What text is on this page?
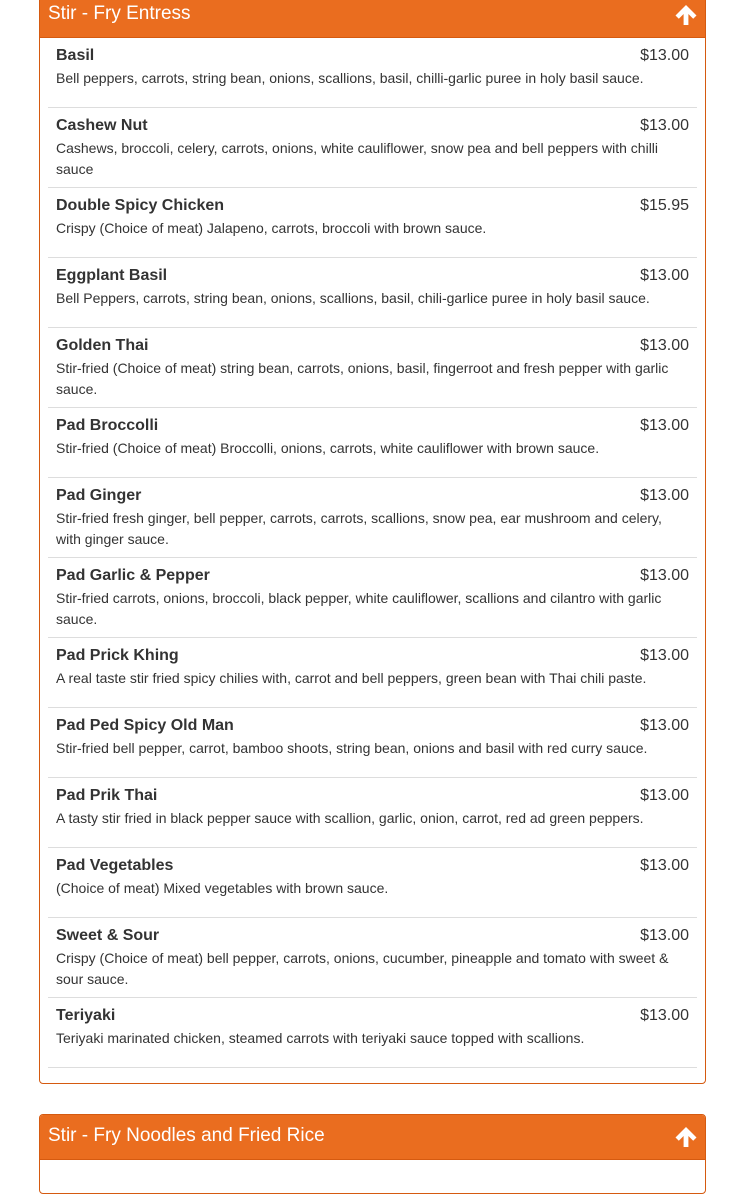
Stir - Fry Entress
Basil	$13.00
Bell peppers, carrots, string bean, onions, scallions, basil, chilli-garlic puree in holy basil sauce.
Cashew Nut	$13.00
Cashews, broccoli, celery, carrots, onions, white cauliflower, snow pea and bell peppers with chilli sauce
Double Spicy Chicken	$15.95
Crispy (Choice of meat) Jalapeno, carrots, broccoli with brown sauce.
Eggplant Basil	$13.00
Bell Peppers, carrots, string bean, onions, scallions, basil, chili-garlice puree in holy basil sauce.
Golden Thai	$13.00
Stir-fried (Choice of meat) string bean, carrots, onions, basil, fingerroot and fresh pepper with garlic sauce.
Pad Broccolli	$13.00
Stir-fried (Choice of meat) Broccolli, onions, carrots, white cauliflower with brown sauce.
Pad Ginger	$13.00
Stir-fried fresh ginger, bell pepper, carrots, carrots, scallions, snow pea, ear mushroom and celery, with ginger sauce.
Pad Garlic & Pepper	$13.00
Stir-fried carrots, onions, broccoli, black pepper, white cauliflower, scallions and cilantro with garlic sauce.
Pad Prick Khing	$13.00
A real taste stir fried spicy chilies with, carrot and bell peppers, green bean with Thai chili paste.
Pad Ped Spicy Old Man	$13.00
Stir-fried bell pepper, carrot, bamboo shoots, string bean, onions and basil with red curry sauce.
Pad Prik Thai	$13.00
A tasty stir fried in black pepper sauce with scallion, garlic, onion, carrot, red ad green peppers.
Pad Vegetables	$13.00
(Choice of meat) Mixed vegetables with brown sauce.
Sweet & Sour	$13.00
Crispy (Choice of meat) bell pepper, carrots, onions, cucumber, pineapple and tomato with sweet & sour sauce.
Teriyaki	$13.00
Teriyaki marinated chicken, steamed carrots with teriyaki sauce topped with scallions.
Stir - Fry Noodles and Fried Rice
